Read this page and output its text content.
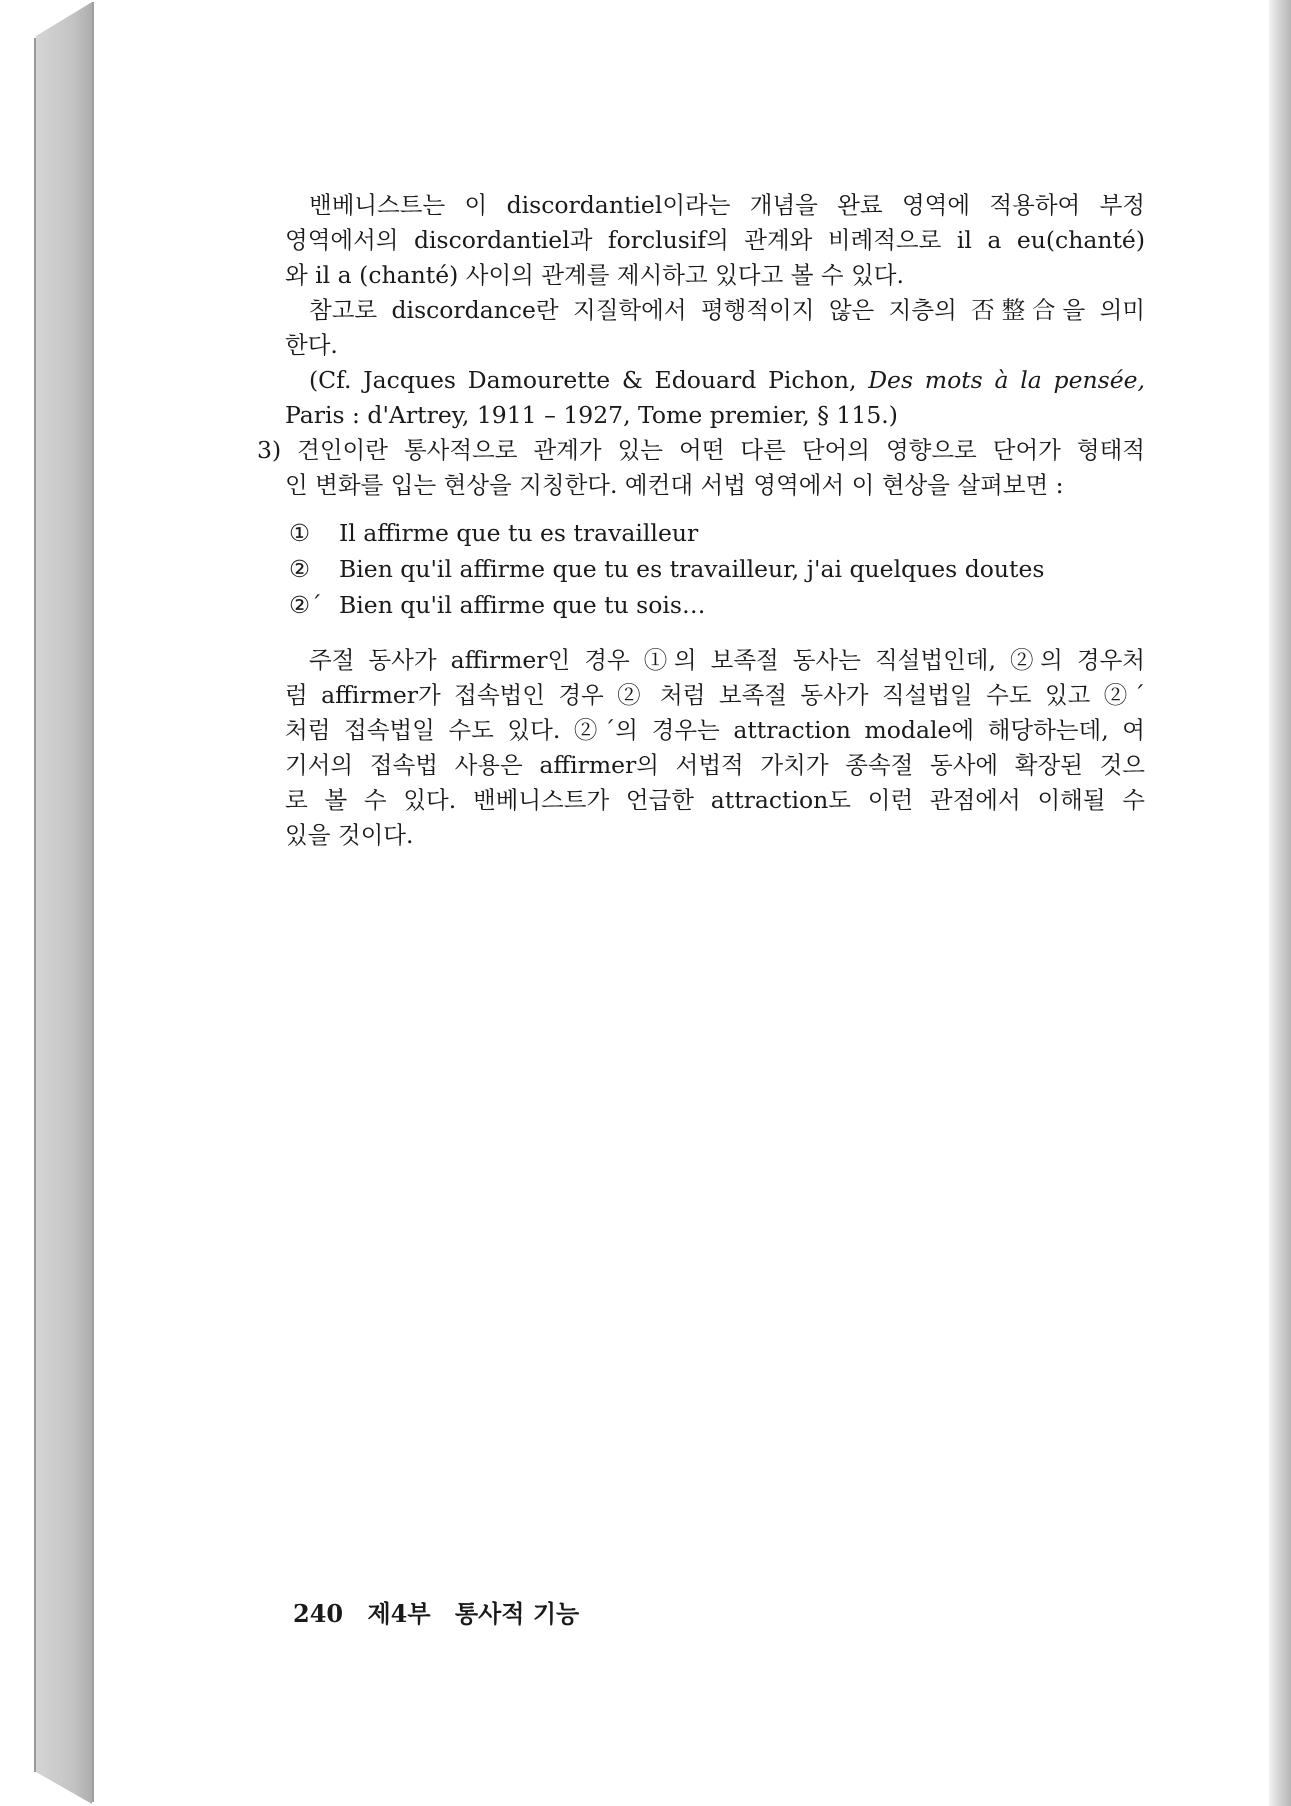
밴베니스트는 이 discordantiel이라는 개념을 완료 영역에 적용하여 부정
영역에서의 discordantiel과 forclusif의 관계와 비례적으로 il a eu(chanté)
와 il a (chanté) 사이의 관계를 제시하고 있다고 볼 수 있다.
참고로 discordance란 지질학에서 평행적이지 않은 지층의 否整合을 의미
한다.
(Cf. Jacques Damourette & Edouard Pichon, Des mots à la pensée,
Paris : d'Artrey, 1911 – 1927, Tome premier, § 115.)
3) 견인이란 통사적으로 관계가 있는 어떤 다른 단어의 영향으로 단어가 형태적
인 변화를 입는 현상을 지칭한다. 예컨대 서법 영역에서 이 현상을 살펴보면 :
① Il affirme que tu es travailleur
② Bien qu'il affirme que tu es travailleur, j'ai quelques doutes
②´ Bien qu'il affirme que tu sois…
주절 동사가 affirmer인 경우 ①의 보족절 동사는 직설법인데, ②의 경우처
럼 affirmer가 접속법인 경우 ② 처럼 보족절 동사가 직설법일 수도 있고 ②´
처럼 접속법일 수도 있다. ②´의 경우는 attraction modale에 해당하는데, 여
기서의 접속법 사용은 affirmer의 서법적 가치가 종속절 동사에 확장된 것으
로 볼 수 있다. 밴베니스트가 언급한 attraction도 이런 관점에서 이해될 수
있을 것이다.
240 제4부 통사적 기능
